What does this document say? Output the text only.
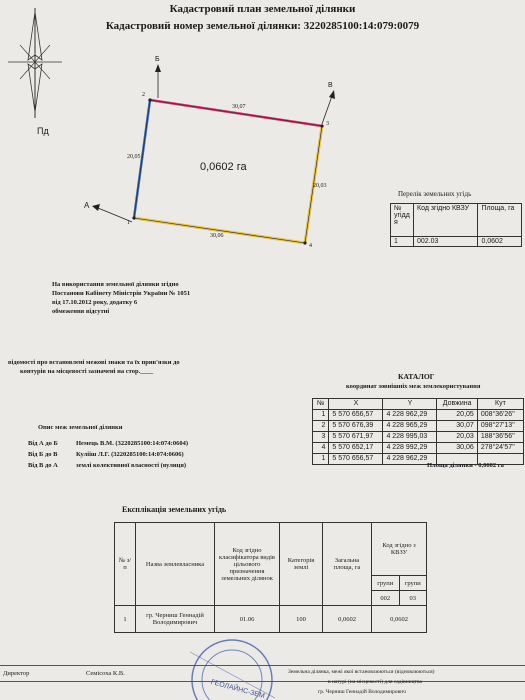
Кадастровий план земельної ділянки
Кадастровий номер земельної ділянки: 3220285100:14:079:0079
Пд
Б
В
А
2
3
4
1
30,07
20,05
20,03
30,06
0,0602 га
Перелік земельних угідь
№ угідд я	Код згідно КВЗУ	Площа, га
1	002.03	0,0602
На використання земельної ділянки згідно
Постанови Кабінету Міністрів України № 1051
від 17.10.2012 року, додатку 6
обмеження відсутні
відомості про встановлені межові знаки та їх прив'язки до
контурів на місцевості зазначені на стор.____
КАТАЛОГ
координат зовнішніх меж землекористування
№	X	Y	Довжина	Кут
1	5 570 656,57	4 228 962,29	20,05	008°36'26"
2	5 570 676,39	4 228 965,29	30,07	098°27'13"
3	5 570 671,97	4 228 995,03	20,03	188°36'56"
4	5 570 652,17	4 228 992,29	30,06	278°24'57"
1	5 570 656,57	4 228 962,29		
Площа ділянки - 0,0602 га
Опис меж земельної ділянки
Від А до Б	Немець В.М. (3220285100:14:074:0604)
Від Б до В	Кулііш Л.Г. (3220285100:14:074:0606)
Від В до А	землі колективної власності (вулиця)
Експлікація земельних угідь
№ з/п	Назва землевласника	Код згідно класифікатора видів цільового призначення земельних ділянок	Категорія землі	Загальна площа, га	Код згідно з КВЗУ	
					групи	групи
					002	03
1	гр. Черниш Геннадій Володимирович	01.06	100	0,0602	0,0602	
ГЕОЛАЙНС-ЗЕМ
Директор	Семісоха К.В.	Земельна ділянка, межі якої встановлюються (відновлюються)
в натурі (на місцевості) для садівництва
гр. Черниш Геннадій Володимирович
